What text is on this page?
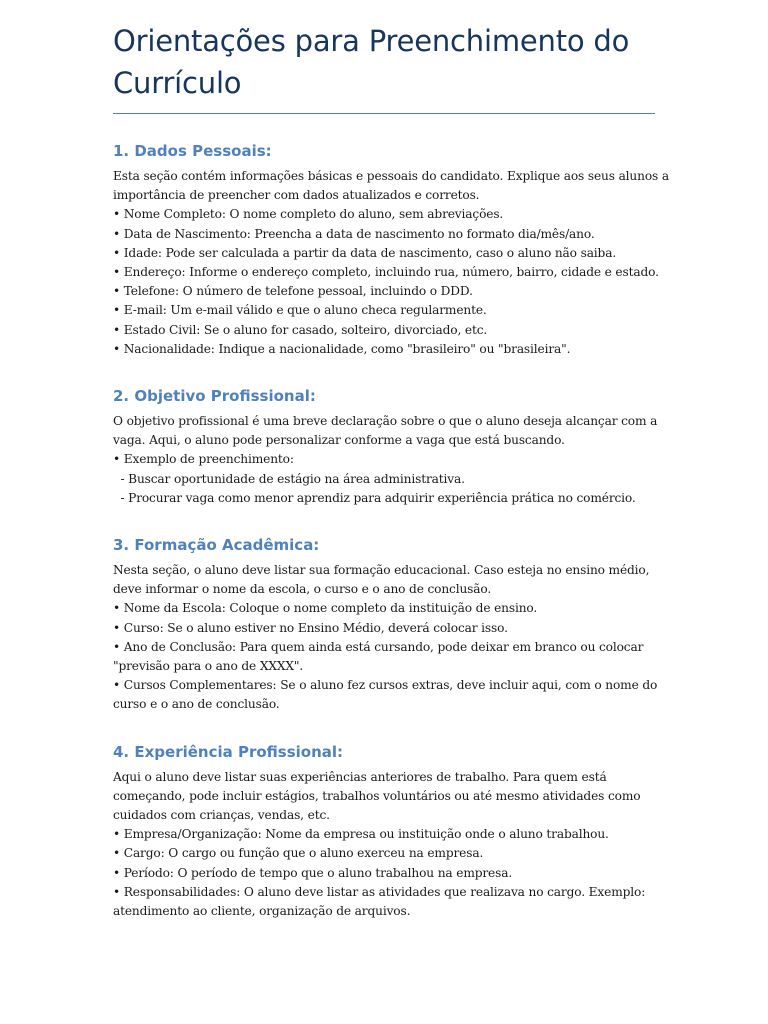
Orientações para Preenchimento do
Currículo
1. Dados Pessoais:
Esta seção contém informações básicas e pessoais do candidato. Explique aos seus alunos a
importância de preencher com dados atualizados e corretos.
• Nome Completo: O nome completo do aluno, sem abreviações.
• Data de Nascimento: Preencha a data de nascimento no formato dia/mês/ano.
• Idade: Pode ser calculada a partir da data de nascimento, caso o aluno não saiba.
• Endereço: Informe o endereço completo, incluindo rua, número, bairro, cidade e estado.
• Telefone: O número de telefone pessoal, incluindo o DDD.
• E-mail: Um e-mail válido e que o aluno checa regularmente.
• Estado Civil: Se o aluno for casado, solteiro, divorciado, etc.
• Nacionalidade: Indique a nacionalidade, como "brasileiro" ou "brasileira".
2. Objetivo Profissional:
O objetivo profissional é uma breve declaração sobre o que o aluno deseja alcançar com a
vaga. Aqui, o aluno pode personalizar conforme a vaga que está buscando.
• Exemplo de preenchimento:
- Buscar oportunidade de estágio na área administrativa.
- Procurar vaga como menor aprendiz para adquirir experiência prática no comércio.
3. Formação Acadêmica:
Nesta seção, o aluno deve listar sua formação educacional. Caso esteja no ensino médio,
deve informar o nome da escola, o curso e o ano de conclusão.
• Nome da Escola: Coloque o nome completo da instituição de ensino.
• Curso: Se o aluno estiver no Ensino Médio, deverá colocar isso.
• Ano de Conclusão: Para quem ainda está cursando, pode deixar em branco ou colocar
"previsão para o ano de XXXX".
• Cursos Complementares: Se o aluno fez cursos extras, deve incluir aqui, com o nome do
curso e o ano de conclusão.
4. Experiência Profissional:
Aqui o aluno deve listar suas experiências anteriores de trabalho. Para quem está
começando, pode incluir estágios, trabalhos voluntários ou até mesmo atividades como
cuidados com crianças, vendas, etc.
• Empresa/Organização: Nome da empresa ou instituição onde o aluno trabalhou.
• Cargo: O cargo ou função que o aluno exerceu na empresa.
• Período: O período de tempo que o aluno trabalhou na empresa.
• Responsabilidades: O aluno deve listar as atividades que realizava no cargo. Exemplo:
atendimento ao cliente, organização de arquivos.
